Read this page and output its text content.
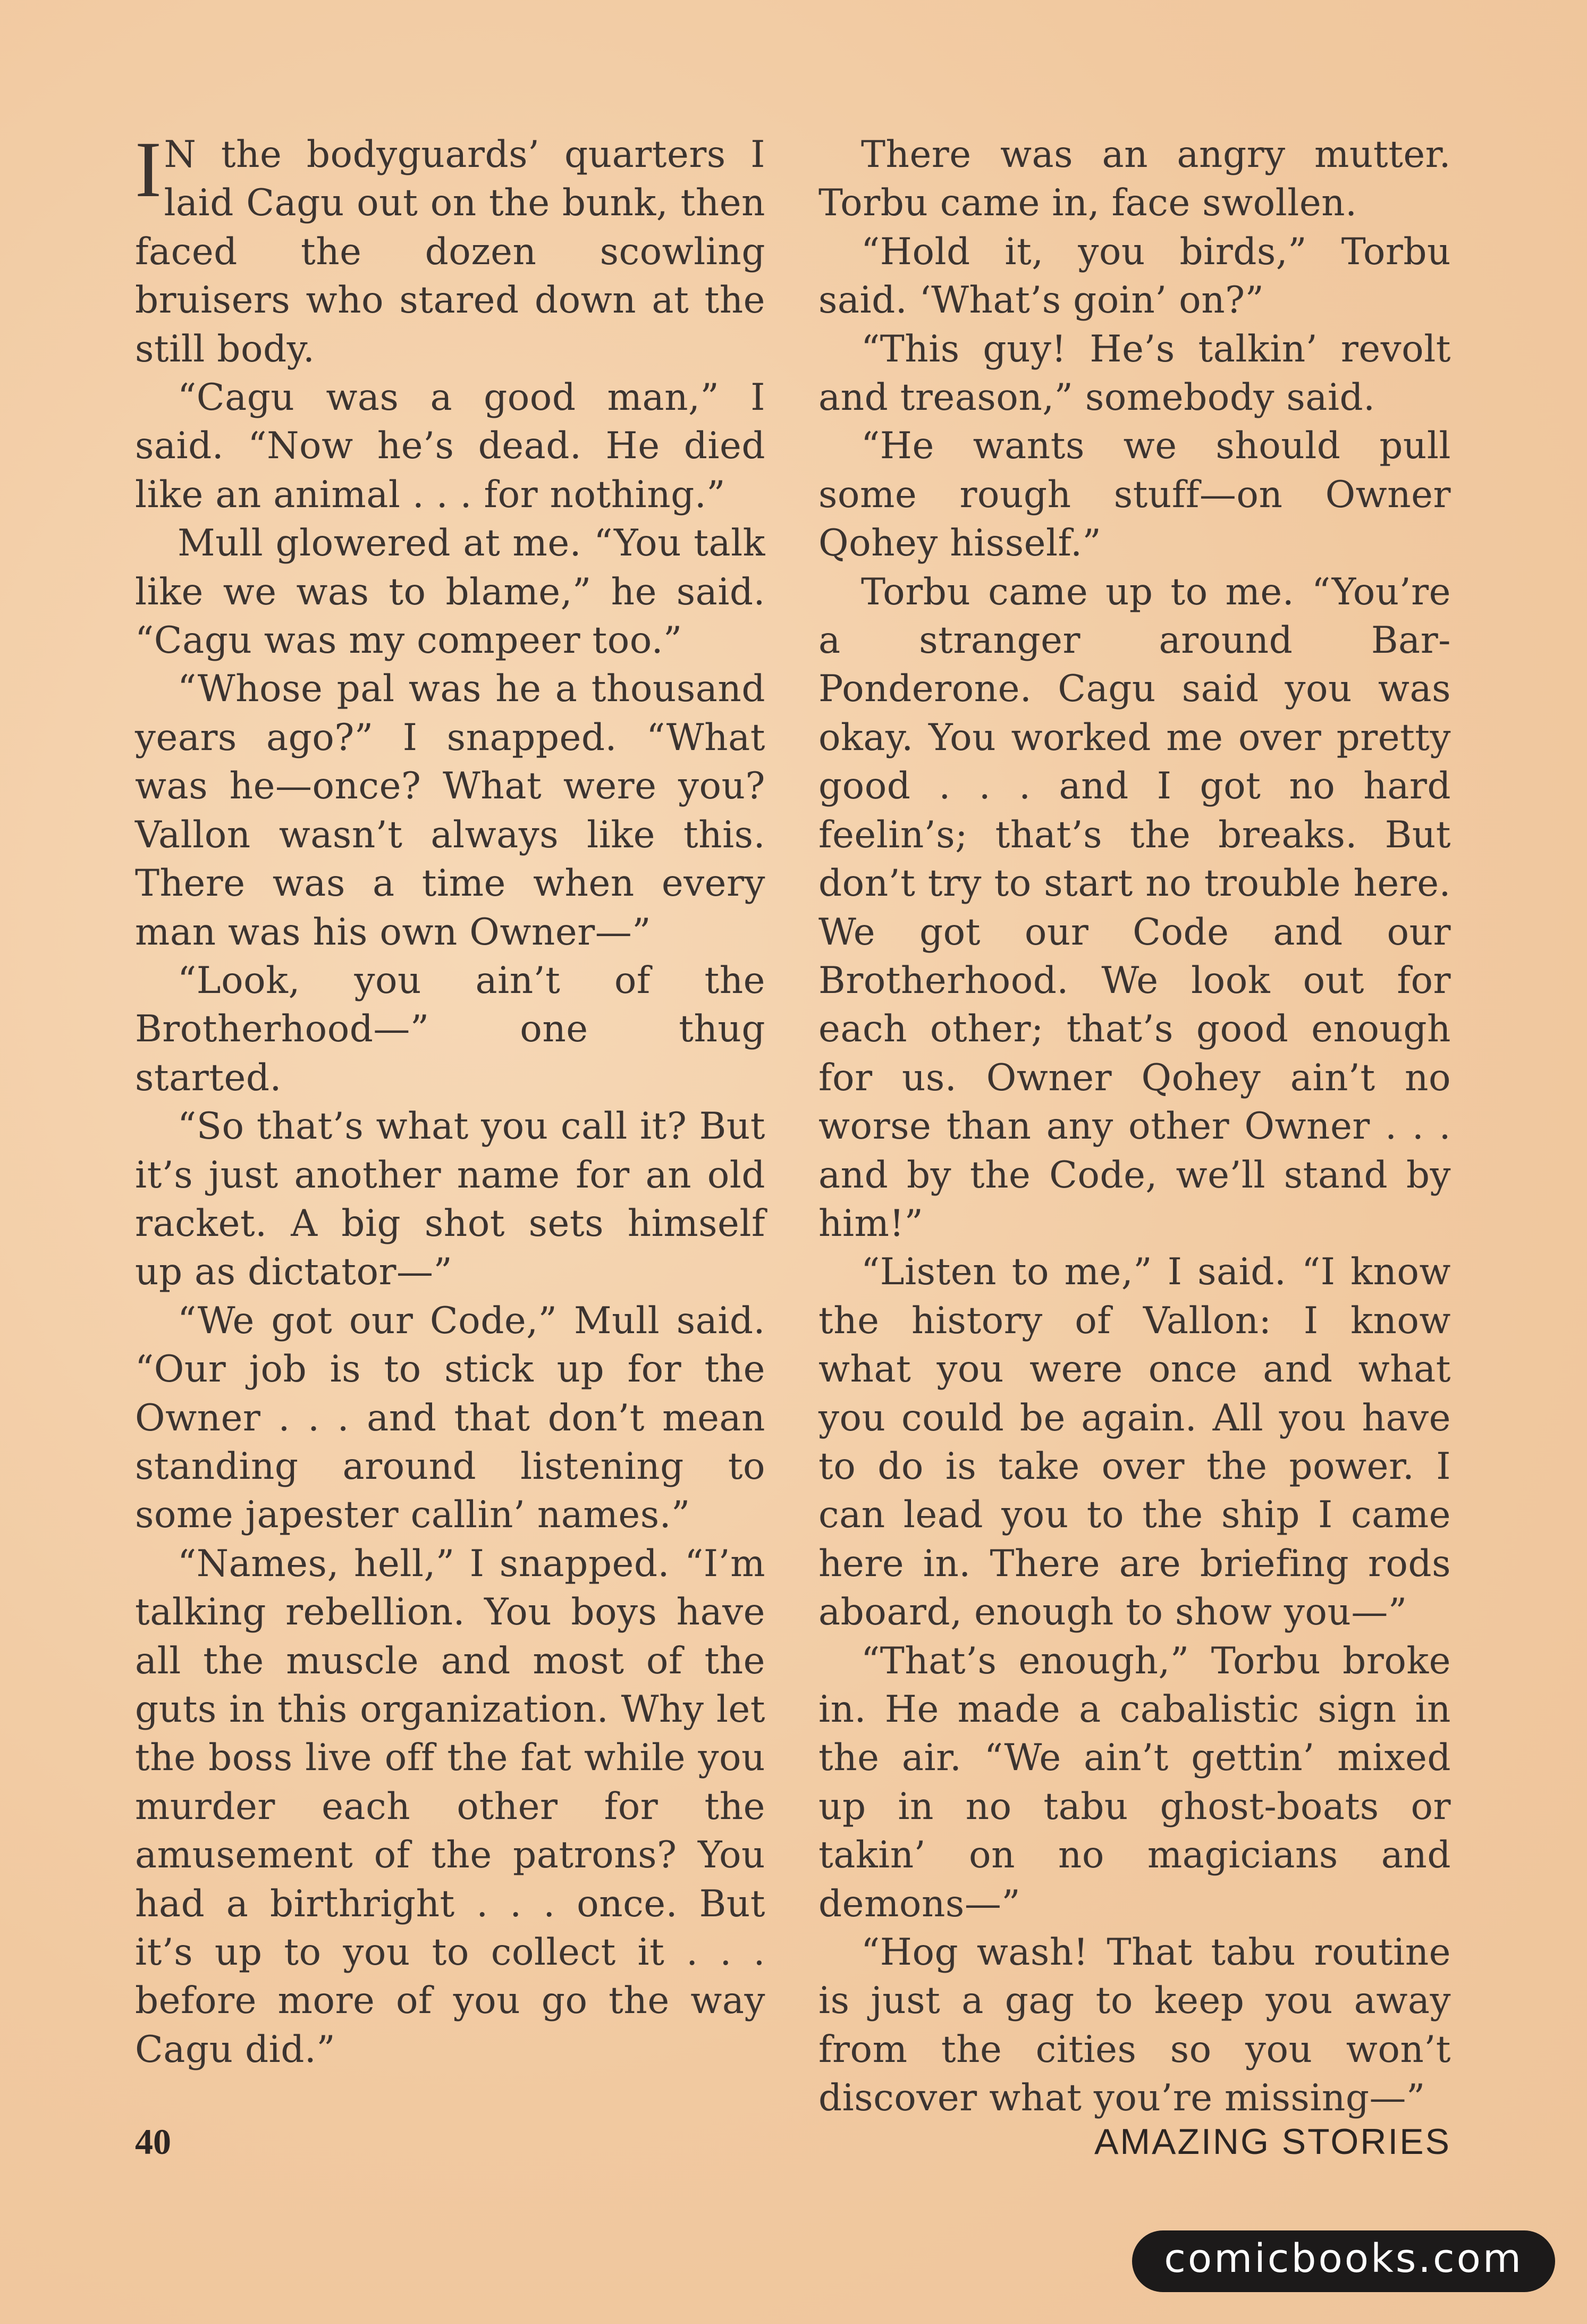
I N the bodyguards’ quarters I laid Cagu out on the bunk, then faced the dozen scowling bruisers who stared down at the still body.

“Cagu was a good man,” I said. “Now he’s dead. He died like an animal . . . for nothing.”

Mull glowered at me. “You talk like we was to blame,” he said. “Cagu was my compeer too.”

“Whose pal was he a thousand years ago?” I snapped. “What was he—once? What were you? Vallon wasn’t always like this. There was a time when every man was his own Owner—”

“Look, you ain’t of the Brotherhood—” one thug started.

“So that’s what you call it? But it’s just another name for an old racket. A big shot sets himself up as dictator—”

“We got our Code,” Mull said. “Our job is to stick up for the Owner . . . and that don’t mean standing around listening to some japester callin’ names.”

“Names, hell,” I snapped. “I’m talking rebellion. You boys have all the muscle and most of the guts in this organization. Why let the boss live off the fat while you murder each other for the amusement of the patrons? You had a birthright . . . once. But it’s up to you to collect it . . . before more of you go the way Cagu did.”

There was an angry mutter. Torbu came in, face swollen.

“Hold it, you birds,” Torbu said. ‘What’s goin’ on?”

“This guy! He’s talkin’ revolt and treason,” somebody said.

“He wants we should pull some rough stuff—on Owner Qohey hisself.”

Torbu came up to me. “You’re a stranger around Bar-Ponderone. Cagu said you was okay. You worked me over pretty good . . . and I got no hard feelin’s; that’s the breaks. But don’t try to start no trouble here. We got our Code and our Brotherhood. We look out for each other; that’s good enough for us. Owner Qohey ain’t no worse than any other Owner . . . and by the Code, we’ll stand by him!”

“Listen to me,” I said. “I know the history of Vallon: I know what you were once and what you could be again. All you have to do is take over the power. I can lead you to the ship I came here in. There are briefing rods aboard, enough to show you—”

“That’s enough,” Torbu broke in. He made a cabalistic sign in the air. “We ain’t gettin’ mixed up in no tabu ghost-boats or takin’ on no magicians and demons—”

“Hog wash! That tabu routine is just a gag to keep you away from the cities so you won’t discover what you’re missing—”

40	AMAZING STORIES
comicbooks.com
